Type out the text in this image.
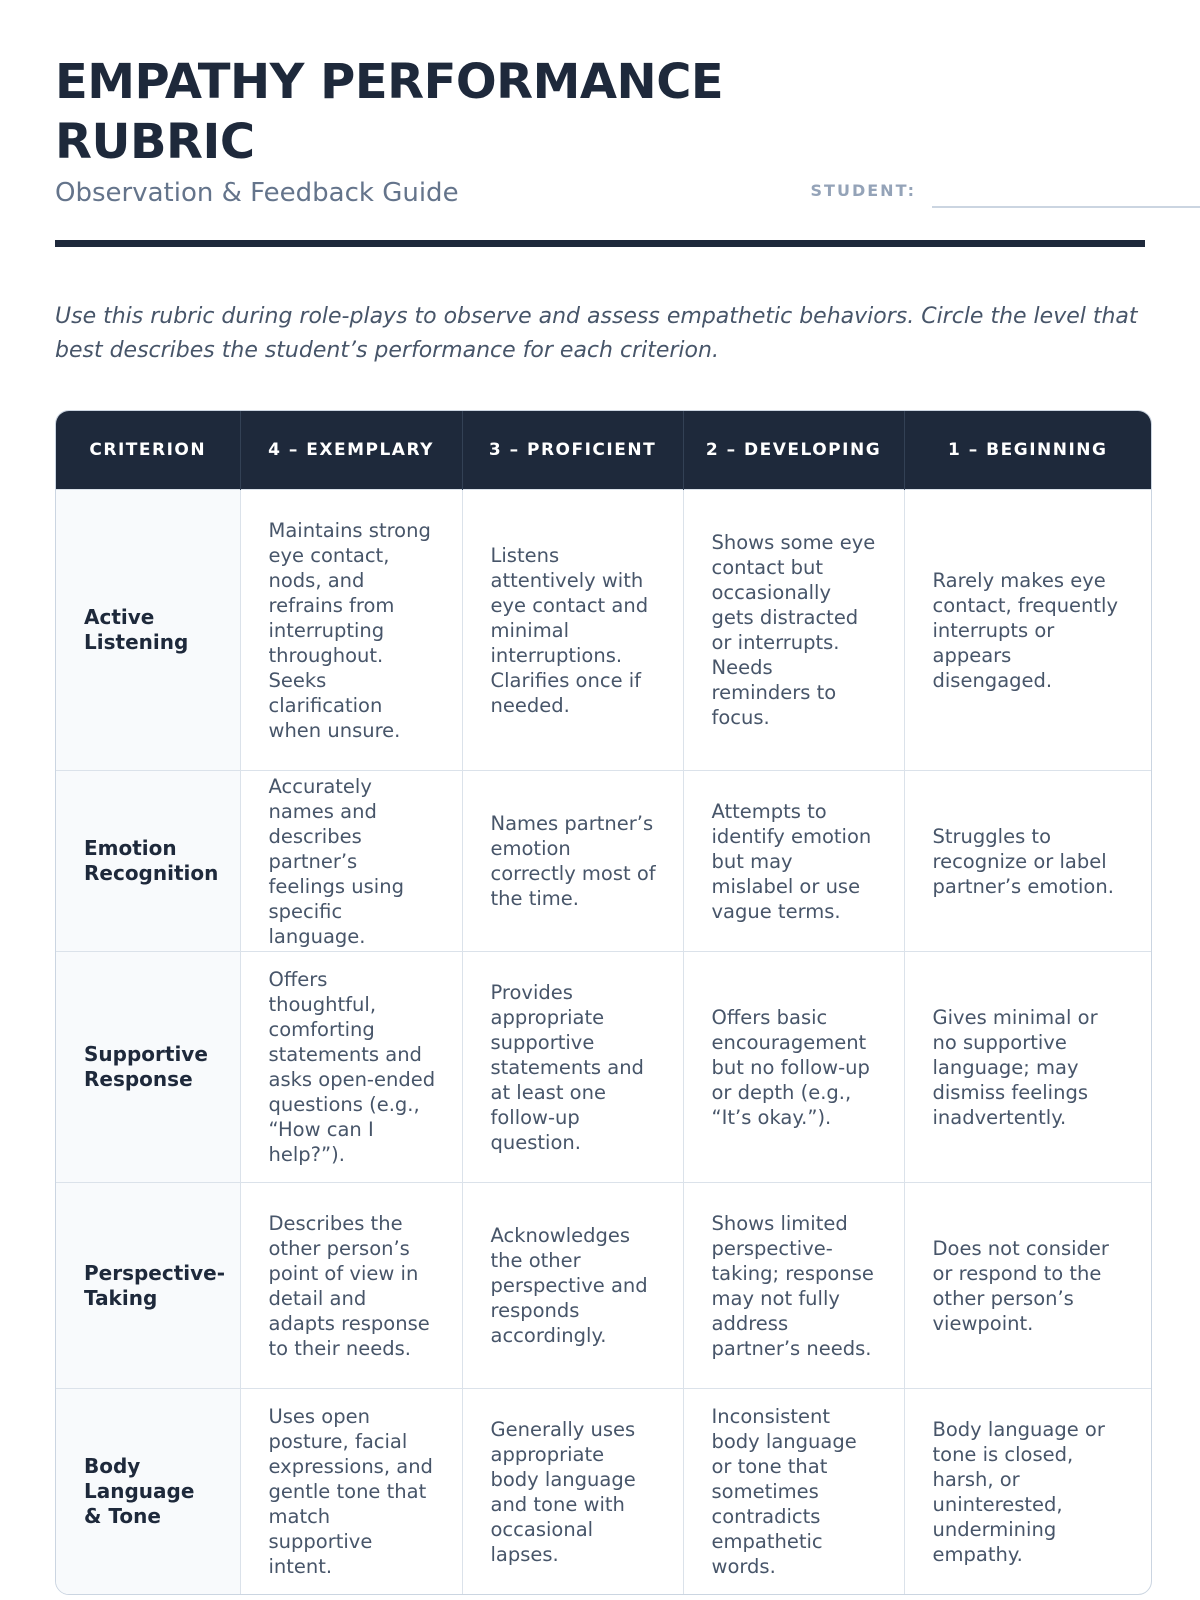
EMPATHY PERFORMANCE RUBRIC
Observation & Feedback Guide	STUDENT:

Use this rubric during role-plays to observe and assess empathetic behaviors. Circle the level that best describes the student’s performance for each criterion.

CRITERION	4 – EXEMPLARY	3 – PROFICIENT	2 – DEVELOPING	1 – BEGINNING
Active Listening	Maintains strong eye contact, nods, and refrains from interrupting throughout. Seeks clarification when unsure.	Listens attentively with eye contact and minimal interruptions. Clarifies once if needed.	Shows some eye contact but occasionally gets distracted or interrupts. Needs reminders to focus.	Rarely makes eye contact, frequently interrupts or appears disengaged.
Emotion Recognition	Accurately names and describes partner’s feelings using specific language.	Names partner’s emotion correctly most of the time.	Attempts to identify emotion but may mislabel or use vague terms.	Struggles to recognize or label partner’s emotion.
Supportive Response	Offers thoughtful, comforting statements and asks open-ended questions (e.g., “How can I help?”).	Provides appropriate supportive statements and at least one follow-up question.	Offers basic encouragement but no follow-up or depth (e.g., “It’s okay.”).	Gives minimal or no supportive language; may dismiss feelings inadvertently.
Perspective-Taking	Describes the other person’s point of view in detail and adapts response to their needs.	Acknowledges the other perspective and responds accordingly.	Shows limited perspective-taking; response may not fully address partner’s needs.	Does not consider or respond to the other person’s viewpoint.
Body Language & Tone	Uses open posture, facial expressions, and gentle tone that match supportive intent.	Generally uses appropriate body language and tone with occasional lapses.	Inconsistent body language or tone that sometimes contradicts empathetic words.	Body language or tone is closed, harsh, or uninterested, undermining empathy.
